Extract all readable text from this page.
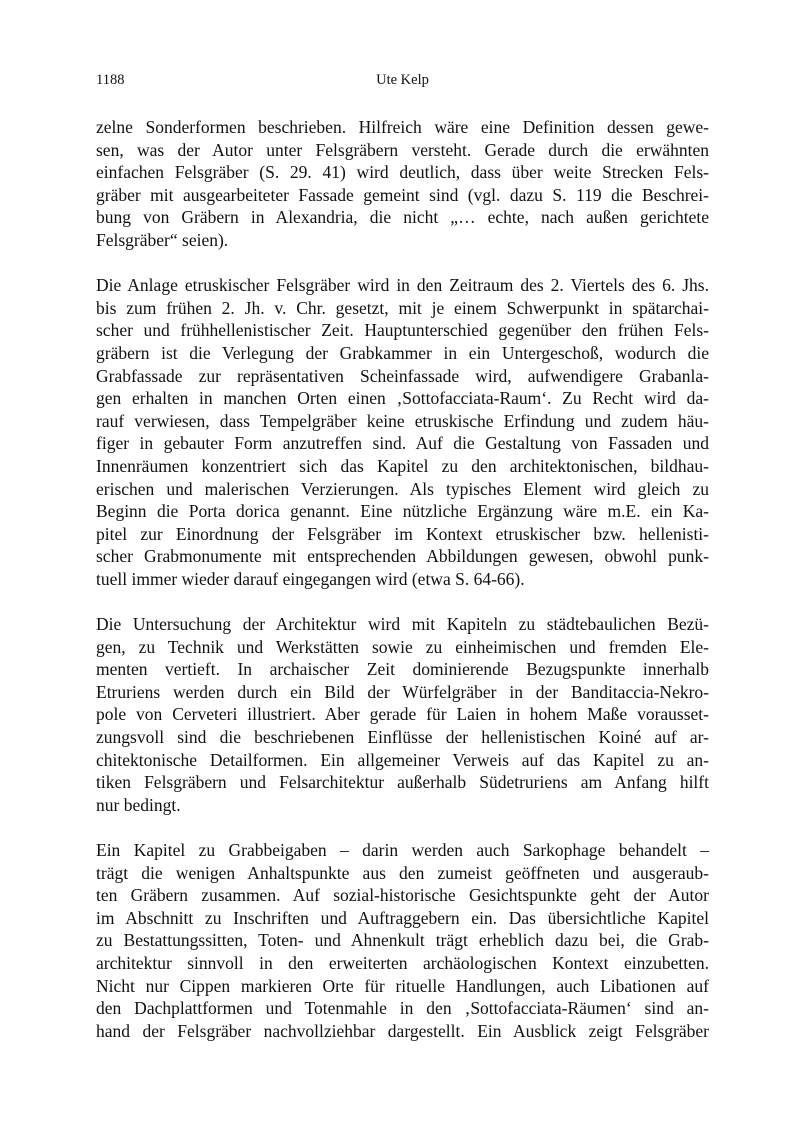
1188	Ute Kelp
zelne Sonderformen beschrieben. Hilfreich wäre eine Definition dessen gewe-
sen, was der Autor unter Felsgräbern versteht. Gerade durch die erwähnten
einfachen Felsgräber (S. 29. 41) wird deutlich, dass über weite Strecken Fels-
gräber mit ausgearbeiteter Fassade gemeint sind (vgl. dazu S. 119 die Beschrei-
bung von Gräbern in Alexandria, die nicht „… echte, nach außen gerichtete
Felsgräber“ seien).
Die Anlage etruskischer Felsgräber wird in den Zeitraum des 2. Viertels des 6. Jhs.
bis zum frühen 2. Jh. v. Chr. gesetzt, mit je einem Schwerpunkt in spätarchai-
scher und frühhellenistischer Zeit. Hauptunterschied gegenüber den frühen Fels-
gräbern ist die Verlegung der Grabkammer in ein Untergeschoß, wodurch die
Grabfassade zur repräsentativen Scheinfassade wird, aufwendigere Grabanla-
gen erhalten in manchen Orten einen ‚Sottofacciata-Raum‘. Zu Recht wird da-
rauf verwiesen, dass Tempelgräber keine etruskische Erfindung und zudem häu-
figer in gebauter Form anzutreffen sind. Auf die Gestaltung von Fassaden und
Innenräumen konzentriert sich das Kapitel zu den architektonischen, bildhau-
erischen und malerischen Verzierungen. Als typisches Element wird gleich zu
Beginn die Porta dorica genannt. Eine nützliche Ergänzung wäre m.E. ein Ka-
pitel zur Einordnung der Felsgräber im Kontext etruskischer bzw. hellenisti-
scher Grabmonumente mit entsprechenden Abbildungen gewesen, obwohl punk-
tuell immer wieder darauf eingegangen wird (etwa S. 64-66).
Die Untersuchung der Architektur wird mit Kapiteln zu städtebaulichen Bezü-
gen, zu Technik und Werkstätten sowie zu einheimischen und fremden Ele-
menten vertieft. In archaischer Zeit dominierende Bezugspunkte innerhalb
Etruriens werden durch ein Bild der Würfelgräber in der Banditaccia-Nekro-
pole von Cerveteri illustriert. Aber gerade für Laien in hohem Maße vorausset-
zungsvoll sind die beschriebenen Einflüsse der hellenistischen Koiné auf ar-
chitektonische Detailformen. Ein allgemeiner Verweis auf das Kapitel zu an-
tiken Felsgräbern und Felsarchitektur außerhalb Südetruriens am Anfang hilft
nur bedingt.
Ein Kapitel zu Grabbeigaben – darin werden auch Sarkophage behandelt –
trägt die wenigen Anhaltspunkte aus den zumeist geöffneten und ausgeraub-
ten Gräbern zusammen. Auf sozial-historische Gesichtspunkte geht der Autor
im Abschnitt zu Inschriften und Auftraggebern ein. Das übersichtliche Kapitel
zu Bestattungssitten, Toten- und Ahnenkult trägt erheblich dazu bei, die Grab-
architektur sinnvoll in den erweiterten archäologischen Kontext einzubetten.
Nicht nur Cippen markieren Orte für rituelle Handlungen, auch Libationen auf
den Dachplattformen und Totenmahle in den ‚Sottofacciata-Räumen‘ sind an-
hand der Felsgräber nachvollziehbar dargestellt. Ein Ausblick zeigt Felsgräber
